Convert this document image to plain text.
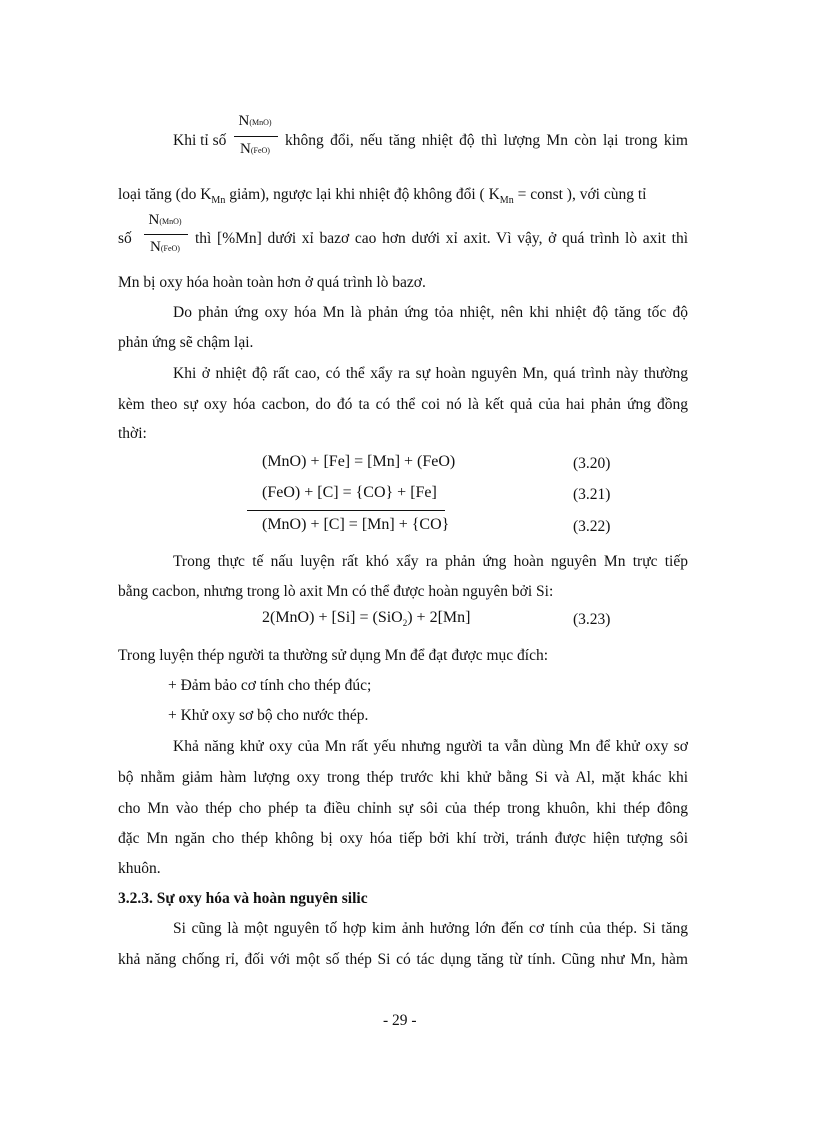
Khi tỉ số
N(MnO)
N(FeO)
không đổi, nếu tăng nhiệt độ thì lượng Mn còn lại trong kim
loại tăng (do $K_{Mn}$ giảm), ngược lại khi nhiệt độ không đổi ( $K_{Mn}$ = const ), với cùng tỉ
số
N(MnO)
N(FeO)
thì [%Mn] dưới xỉ bazơ cao hơn dưới xỉ axit. Vì vậy, ở quá trình lò axit thì
Mn bị oxy hóa hoàn toàn hơn ở quá trình lò bazơ.
Do phản ứng oxy hóa Mn là phản ứng tỏa nhiệt, nên khi nhiệt độ tăng tốc độ
phản ứng sẽ chậm lại.
Khi ở nhiệt độ rất cao, có thể xẩy ra sự hoàn nguyên Mn, quá trình này thường
kèm theo sự oxy hóa cacbon, do đó ta có thể coi nó là kết quả của hai phản ứng đồng
thời:
(MnO) + [Fe] = [Mn] + (FeO)	(3.20)
(FeO) + [C] = {CO} + [Fe]	(3.21)
(MnO) + [C] = [Mn] + {CO}	(3.22)
Trong thực tế nấu luyện rất khó xẩy ra phản ứng hoàn nguyên Mn trực tiếp
bằng cacbon, nhưng trong lò axit Mn có thể được hoàn nguyên bởi Si:
2(MnO) + [Si] = (SiO$_2$) + 2[Mn]	(3.23)
Trong luyện thép người ta thường sử dụng Mn để đạt được mục đích:
+ Đảm bảo cơ tính cho thép đúc;
+ Khử oxy sơ bộ cho nước thép.
Khả năng khử oxy của Mn rất yếu nhưng người ta vẫn dùng Mn để khử oxy sơ
bộ nhằm giảm hàm lượng oxy trong thép trước khi khử bằng Si và Al, mặt khác khi
cho Mn vào thép cho phép ta điều chỉnh sự sôi của thép trong khuôn, khi thép đông
đặc Mn ngăn cho thép không bị oxy hóa tiếp bởi khí trời, tránh được hiện tượng sôi
khuôn.
3.2.3. Sự oxy hóa và hoàn nguyên silic
Si cũng là một nguyên tố hợp kim ảnh hưởng lớn đến cơ tính của thép. Si tăng
khả năng chống rỉ, đối với một số thép Si có tác dụng tăng từ tính. Cũng như Mn, hàm
- 29 -
